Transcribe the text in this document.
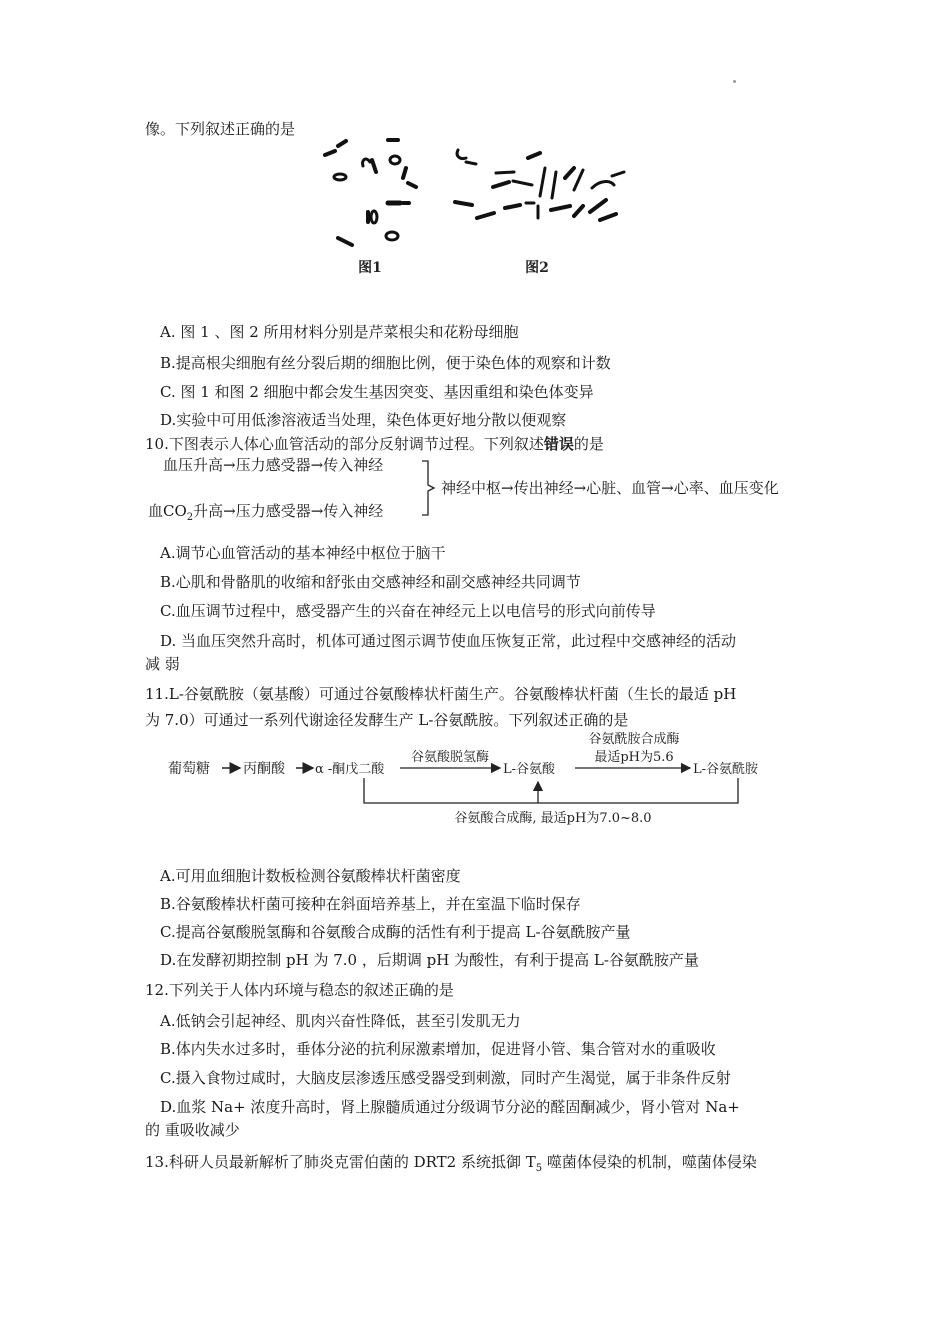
像。下列叙述正确的是
图1	图2
A. 图 1 、图 2 所用材料分别是芹菜根尖和花粉母细胞
B.提高根尖细胞有丝分裂后期的细胞比例，便于染色体的观察和计数
C. 图 1 和图 2 细胞中都会发生基因突变、基因重组和染色体变异
D.实验中可用低渗溶液适当处理，染色体更好地分散以便观察
10.下图表示人体心血管活动的部分反射调节过程。下列叙述错误的是
血压升高→压力感受器→传入神经
血$CO_2$升高→压力感受器→传入神经
神经中枢→传出神经→心脏、血管→心率、血压变化
A.调节心血管活动的基本神经中枢位于脑干
B.心肌和骨骼肌的收缩和舒张由交感神经和副交感神经共同调节
C.血压调节过程中，感受器产生的兴奋在神经元上以电信号的形式向前传导
D. 当血压突然升高时，机体可通过图示调节使血压恢复正常，此过程中交感神经的活动
减 弱
11.L-谷氨酰胺（氨基酸）可通过谷氨酸棒状杆菌生产。谷氨酸棒状杆菌（生长的最适 pH
为 7.0）可通过一系列代谢途径发酵生产 L-谷氨酰胺。下列叙述正确的是
葡萄糖 丙酮酸 α -酮戊二酸
谷氨酸脱氢酶
L-谷氨酸
谷氨酰胺合成酶
最适pH为5.6
L-谷氨酰胺
谷氨酸合成酶, 最适pH为7.0~8.0
A.可用血细胞计数板检测谷氨酸棒状杆菌密度
B.谷氨酸棒状杆菌可接种在斜面培养基上，并在室温下临时保存
C.提高谷氨酸脱氢酶和谷氨酸合成酶的活性有利于提高 L-谷氨酰胺产量
D.在发酵初期控制 pH 为 7.0 ，后期调 pH 为酸性，有利于提高 L-谷氨酰胺产量
12.下列关于人体内环境与稳态的叙述正确的是
A.低钠会引起神经、肌肉兴奋性降低，甚至引发肌无力
B.体内失水过多时，垂体分泌的抗利尿激素增加，促进肾小管、集合管对水的重吸收
C.摄入食物过咸时，大脑皮层渗透压感受器受到刺激，同时产生渴觉，属于非条件反射
D.血浆 Na+ 浓度升高时，肾上腺髓质通过分级调节分泌的醛固酮减少，肾小管对 Na+
的 重吸收减少
13.科研人员最新解析了肺炎克雷伯菌的 DRT2 系统抵御 $T_5$ 噬菌体侵染的机制，噬菌体侵染
